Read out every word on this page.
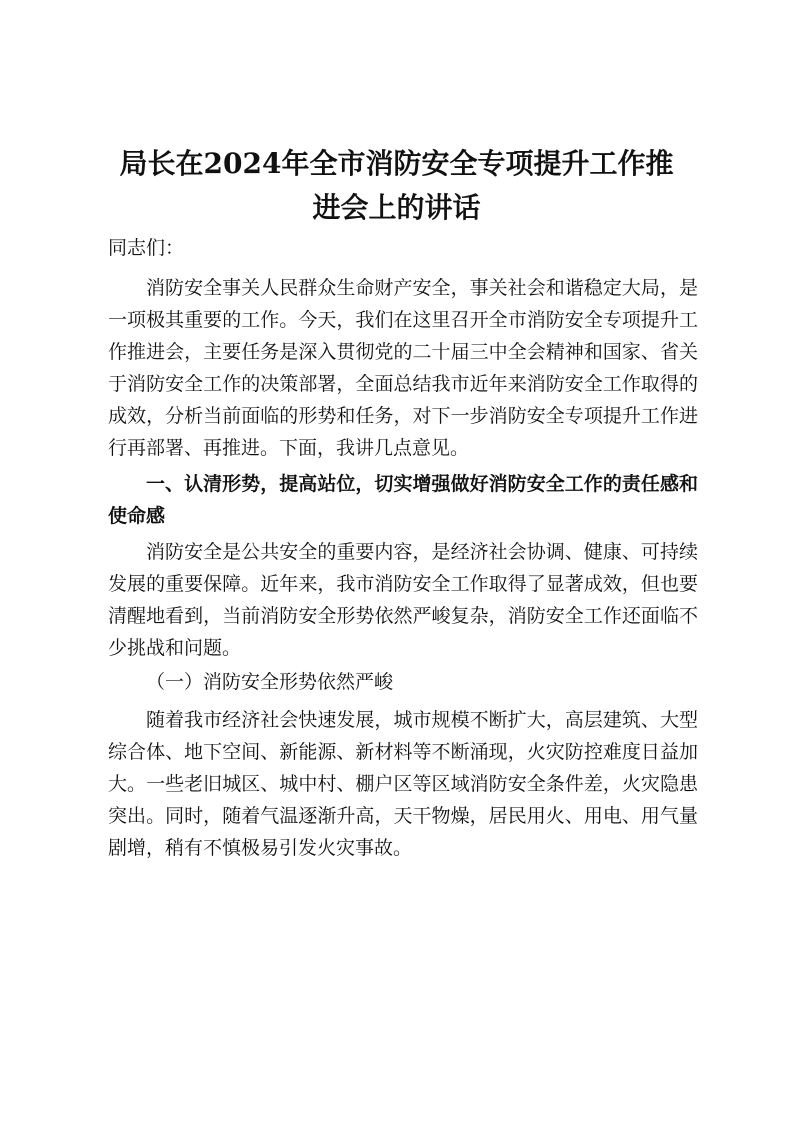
局长在2024年全市消防安全专项提升工作推
进会上的讲话

同志们：

消防安全事关人民群众生命财产安全，事关社会和谐稳定大局，是一项极其重要的工作。今天，我们在这里召开全市消防安全专项提升工作推进会，主要任务是深入贯彻党的二十届三中全会精神和国家、省关于消防安全工作的决策部署，全面总结我市近年来消防安全工作取得的成效，分析当前面临的形势和任务，对下一步消防安全专项提升工作进行再部署、再推进。下面，我讲几点意见。

一、认清形势，提高站位，切实增强做好消防安全工作的责任感和使命感

消防安全是公共安全的重要内容，是经济社会协调、健康、可持续发展的重要保障。近年来，我市消防安全工作取得了显著成效，但也要清醒地看到，当前消防安全形势依然严峻复杂，消防安全工作还面临不少挑战和问题。

（一）消防安全形势依然严峻

随着我市经济社会快速发展，城市规模不断扩大，高层建筑、大型综合体、地下空间、新能源、新材料等不断涌现，火灾防控难度日益加大。一些老旧城区、城中村、棚户区等区域消防安全条件差，火灾隐患突出。同时，随着气温逐渐升高，天干物燥，居民用火、用电、用气量剧增，稍有不慎极易引发火灾事故。
